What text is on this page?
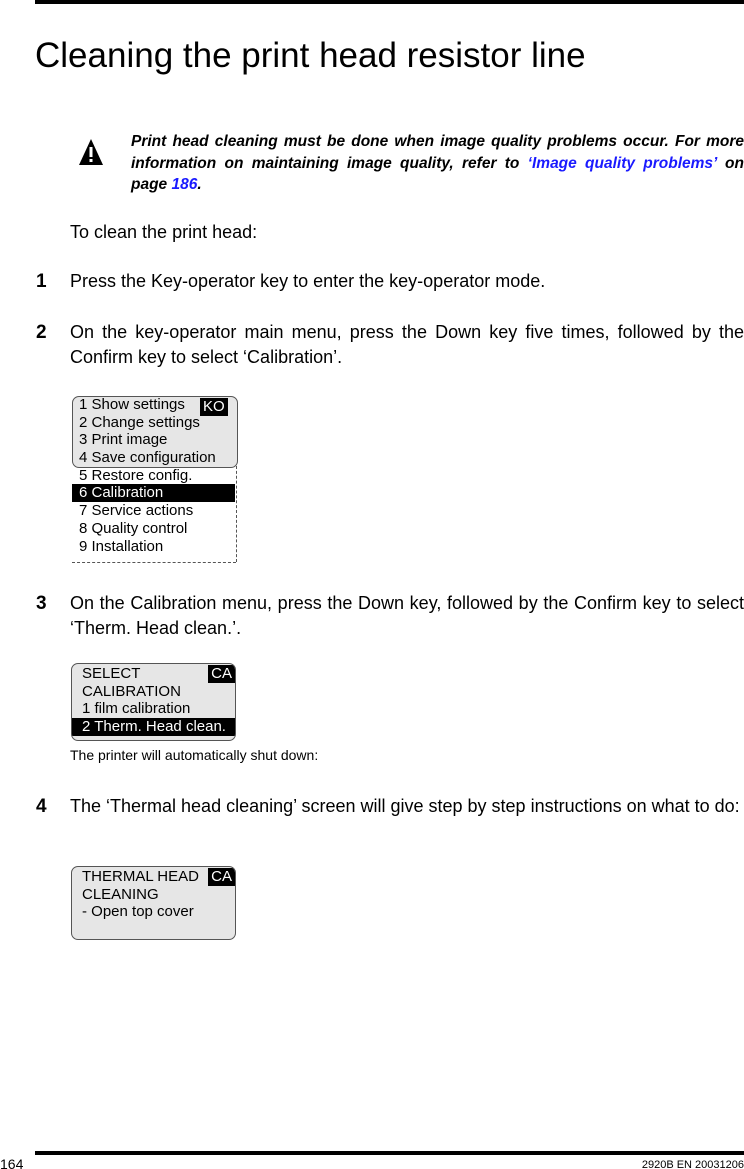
Cleaning the print head resistor line
Print head cleaning must be done when image quality problems occur. For more information on maintaining image quality, refer to ‘Image quality problems’ on page 186.
To clean the print head:
1 Press the Key-operator key to enter the key-operator mode.
2 On the key-operator main menu, press the Down key five times, followed by the Confirm key to select ‘Calibration’.
KO
1 Show settings
2 Change settings
3 Print image
4 Save configuration
5 Restore config.
6 Calibration
7 Service actions
8 Quality control
9 Installation
3 On the Calibration menu, press the Down key, followed by the Confirm key to select ‘Therm. Head clean.’.
CA
SELECT
CALIBRATION
1 film calibration
2 Therm. Head clean.
The printer will automatically shut down:
4 The ‘Thermal head cleaning’ screen will give step by step instructions on what to do:
CA
THERMAL HEAD
CLEANING
- Open top cover
164	2920B EN 20031206
